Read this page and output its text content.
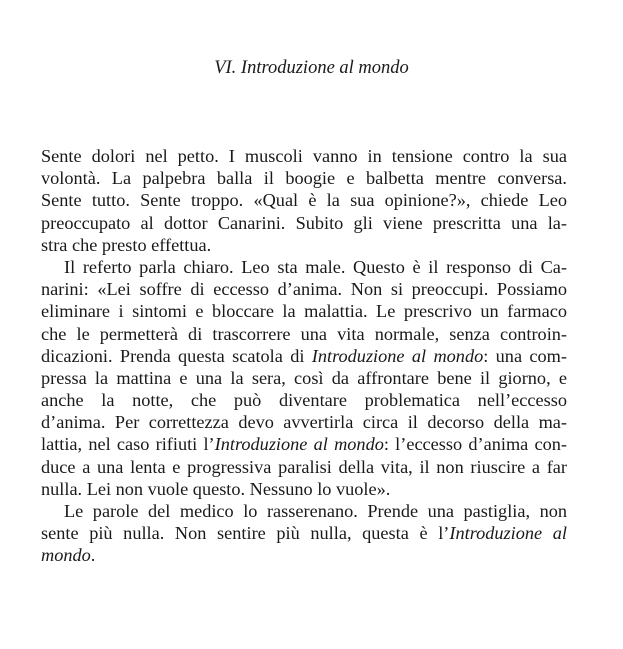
VI. Introduzione al mondo
Sente dolori nel petto. I muscoli vanno in tensione contro la sua
volontà. La palpebra balla il boogie e balbetta mentre conversa.
Sente tutto. Sente troppo. «Qual è la sua opinione?», chiede Leo
preoccupato al dottor Canarini. Subito gli viene prescritta una la-
stra che presto effettua.
Il referto parla chiaro. Leo sta male. Questo è il responso di Ca-
narini: «Lei soffre di eccesso d’anima. Non si preoccupi. Possiamo
eliminare i sintomi e bloccare la malattia. Le prescrivo un farmaco
che le permetterà di trascorrere una vita normale, senza controin-
dicazioni. Prenda questa scatola di Introduzione al mondo: una com-
pressa la mattina e una la sera, così da affrontare bene il giorno, e
anche la notte, che può diventare problematica nell’eccesso
d’anima. Per correttezza devo avvertirla circa il decorso della ma-
lattia, nel caso rifiuti l’Introduzione al mondo: l’eccesso d’anima con-
duce a una lenta e progressiva paralisi della vita, il non riuscire a far
nulla. Lei non vuole questo. Nessuno lo vuole».
Le parole del medico lo rasserenano. Prende una pastiglia, non
sente più nulla. Non sentire più nulla, questa è l’Introduzione al
mondo.
